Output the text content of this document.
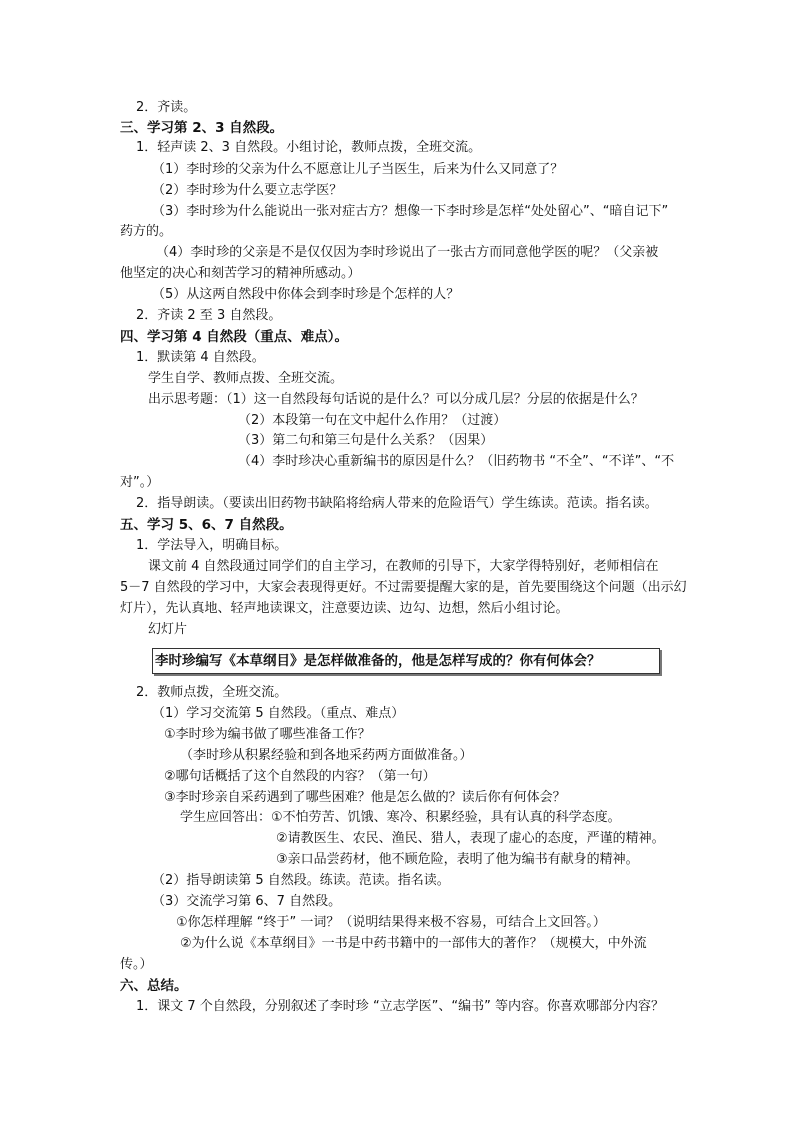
2．齐读。
三、学习第 2、3 自然段。
1．轻声读 2、3 自然段。小组讨论，教师点拨，全班交流。
（1）李时珍的父亲为什么不愿意让儿子当医生，后来为什么又同意了？
（2）李时珍为什么要立志学医？
（3）李时珍为什么能说出一张对症古方？想像一下李时珍是怎样“处处留心”、“暗自记下”
药方的。
（4）李时珍的父亲是不是仅仅因为李时珍说出了一张古方而同意他学医的呢？（父亲被
他坚定的决心和刻苦学习的精神所感动。）
（5）从这两自然段中你体会到李时珍是个怎样的人？
2．齐读 2 至 3 自然段。
四、学习第 4 自然段（重点、难点）。
1．默读第 4 自然段。
学生自学、教师点拨、全班交流。
出示思考题：（1）这一自然段每句话说的是什么？可以分成几层？分层的依据是什么？
（2）本段第一句在文中起什么作用？（过渡）
（3）第二句和第三句是什么关系？（因果）
（4）李时珍决心重新编书的原因是什么？（旧药物书 “不全”、“不详”、“不
对”。）
2．指导朗读。（要读出旧药物书缺陷将给病人带来的危险语气）学生练读。范读。指名读。
五、学习 5、6、7 自然段。
1．学法导入，明确目标。
课文前 4 自然段通过同学们的自主学习，在教师的引导下，大家学得特别好，老师相信在
5－7 自然段的学习中，大家会表现得更好。不过需要提醒大家的是，首先要围绕这个问题（出示幻
灯片），先认真地、轻声地读课文，注意要边读、边勾、边想，然后小组讨论。
幻灯片
李时珍编写《本草纲目》是怎样做准备的，他是怎样写成的？你有何体会？
2．教师点拨，全班交流。
（1）学习交流第 5 自然段。（重点、难点）
①李时珍为编书做了哪些准备工作？
（李时珍从积累经验和到各地采药两方面做准备。）
②哪句话概括了这个自然段的内容？（第一句）
③李时珍亲自采药遇到了哪些困难？他是怎么做的？读后你有何体会？
学生应回答出：①不怕劳苦、饥饿、寒冷、积累经验，具有认真的科学态度。
②请教医生、农民、渔民、猎人，表现了虚心的态度，严谨的精神。
③亲口品尝药材，他不顾危险，表明了他为编书有献身的精神。
（2）指导朗读第 5 自然段。练读。范读。指名读。
（3）交流学习第 6、7 自然段。
①你怎样理解 “终于” 一词？（说明结果得来极不容易，可结合上文回答。）
②为什么说《本草纲目》一书是中药书籍中的一部伟大的著作？（规模大，中外流
传。）
六、总结。
1．课文 7 个自然段，分别叙述了李时珍 “立志学医”、“编书” 等内容。你喜欢哪部分内容？
